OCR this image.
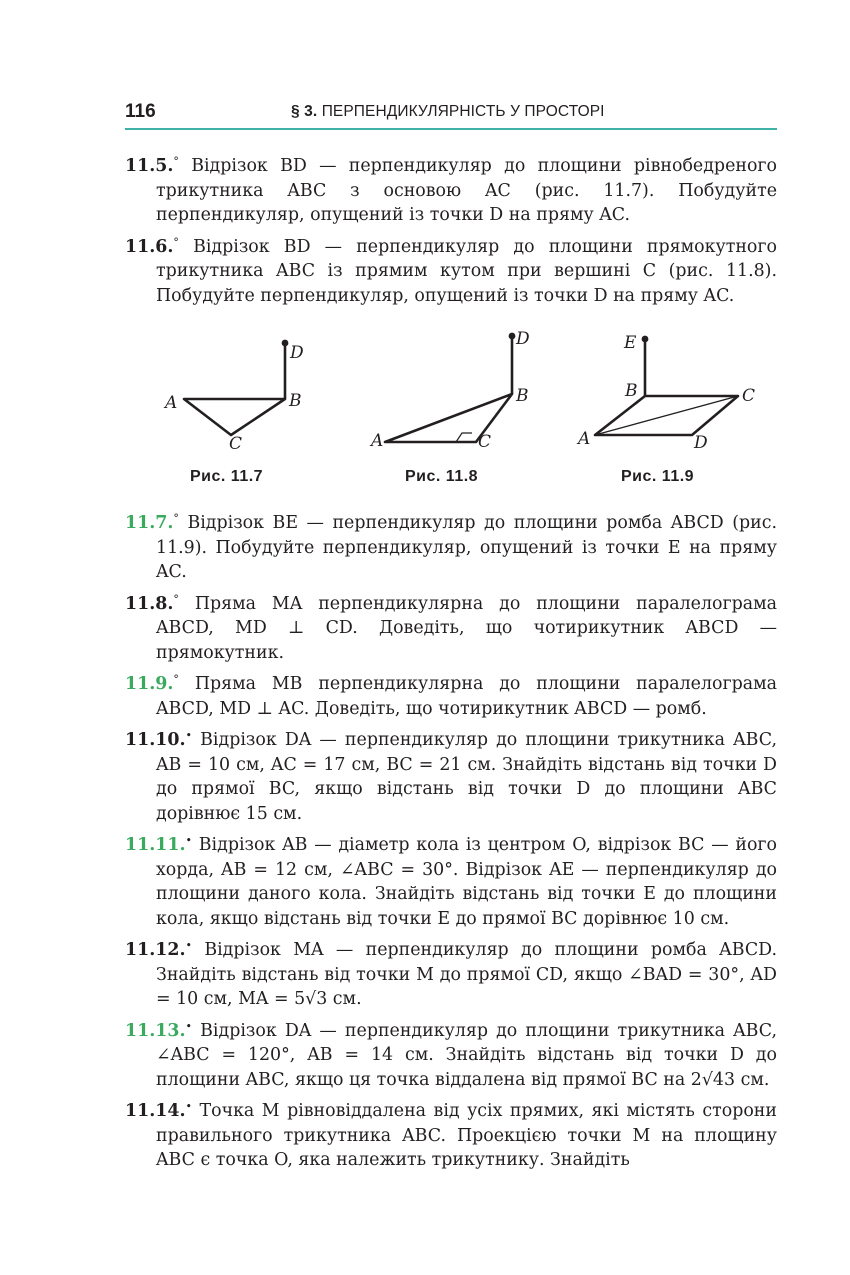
116	§ 3. ПЕРПЕНДИКУЛЯРНІСТЬ У ПРОСТОРІ
11.5.° Відрізок BD — перпендикуляр до площини рівнобедреного трикутника ABC з основою AC (рис. 11.7). Побудуйте перпендикуляр, опущений із точки D на пряму AC.
11.6.° Відрізок BD — перпендикуляр до площини прямокутного трикутника ABC із прямим кутом при вершині C (рис. 11.8). Побудуйте перпендикуляр, опущений із точки D на пряму AC.
D
A	B
C
Рис. 11.7
D
B
A	C
Рис. 11.8
E
B	C
A	D
Рис. 11.9
11.7.° Відрізок BE — перпендикуляр до площини ромба ABCD (рис. 11.9). Побудуйте перпендикуляр, опущений із точки E на пряму AC.
11.8.° Пряма MA перпендикулярна до площини паралелограма ABCD, MD ⊥ CD. Доведіть, що чотирикутник ABCD — прямокутник.
11.9.° Пряма MB перпендикулярна до площини паралелограма ABCD, MD ⊥ AC. Доведіть, що чотирикутник ABCD — ромб.
11.10.• Відрізок DA — перпендикуляр до площини трикутника ABC, AB = 10 см, AC = 17 см, BC = 21 см. Знайдіть відстань від точки D до прямої BC, якщо відстань від точки D до площини ABC дорівнює 15 см.
11.11.• Відрізок AB — діаметр кола із центром O, відрізок BC — його хорда, AB = 12 см, ∠ABC = 30°. Відрізок AE — перпендикуляр до площини даного кола. Знайдіть відстань від точки E до площини кола, якщо відстань від точки E до прямої BC дорівнює 10 см.
11.12.• Відрізок MA — перпендикуляр до площини ромба ABCD. Знайдіть відстань від точки M до прямої CD, якщо ∠BAD = 30°, AD = 10 см, MA = 5√3 см.
11.13.• Відрізок DA — перпендикуляр до площини трикутника ABC, ∠ABC = 120°, AB = 14 см. Знайдіть відстань від точки D до площини ABC, якщо ця точка віддалена від прямої BC на 2√43 см.
11.14.• Точка M рівновіддалена від усіх прямих, які містять сторони правильного трикутника ABC. Проекцією точки M на площину ABC є точка O, яка належить трикутнику. Знайдіть
